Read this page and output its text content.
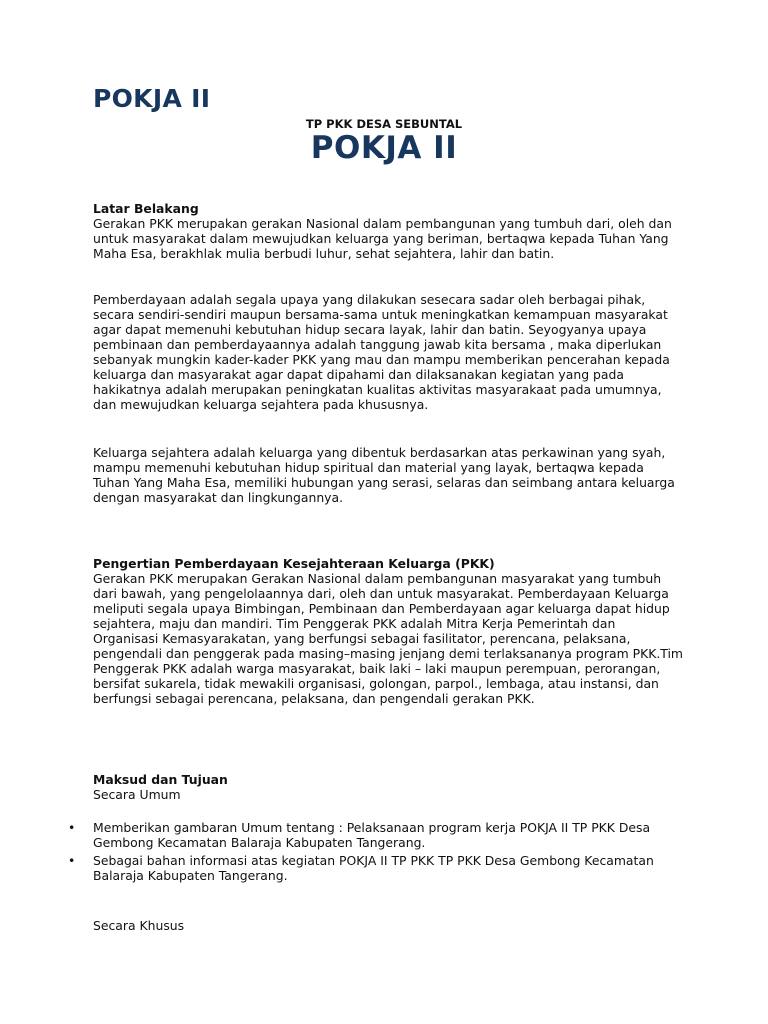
POKJA II
TP PKK DESA SEBUNTAL
POKJA II

Latar Belakang

Gerakan PKK merupakan gerakan Nasional dalam pembangunan yang tumbuh dari, oleh dan untuk masyarakat dalam mewujudkan keluarga yang beriman, bertaqwa kepada Tuhan Yang Maha Esa, berakhlak mulia berbudi luhur, sehat sejahtera, lahir dan batin.

Pemberdayaan adalah segala upaya yang dilakukan sesecara sadar oleh berbagai pihak, secara sendiri-sendiri maupun bersama-sama untuk meningkatkan kemampuan masyarakat agar dapat memenuhi kebutuhan hidup secara layak, lahir dan batin. Seyogyanya upaya pembinaan dan pemberdayaannya adalah tanggung jawab kita bersama , maka diperlukan sebanyak mungkin kader-kader PKK yang mau dan mampu memberikan pencerahan kepada keluarga dan masyarakat agar dapat dipahami dan dilaksanakan kegiatan yang pada hakikatnya adalah merupakan peningkatan kualitas aktivitas masyarakaat pada umumnya, dan mewujudkan keluarga sejahtera pada khususnya.

Keluarga sejahtera adalah keluarga yang dibentuk berdasarkan atas perkawinan yang syah, mampu memenuhi kebutuhan hidup spiritual dan material yang layak, bertaqwa kepada Tuhan Yang Maha Esa, memiliki hubungan yang serasi, selaras dan seimbang antara keluarga dengan masyarakat dan lingkungannya.

Pengertian Pemberdayaan Kesejahteraan Keluarga (PKK)

Gerakan PKK merupakan Gerakan Nasional dalam pembangunan masyarakat yang tumbuh dari bawah, yang pengelolaannya dari, oleh dan untuk masyarakat. Pemberdayaan Keluarga meliputi segala upaya Bimbingan, Pembinaan dan Pemberdayaan agar keluarga dapat hidup sejahtera, maju dan mandiri. Tim Penggerak PKK adalah Mitra Kerja Pemerintah dan Organisasi Kemasyarakatan, yang berfungsi sebagai fasilitator, perencana, pelaksana, pengendali dan penggerak pada masing–masing jenjang demi terlaksananya program PKK.Tim Penggerak PKK adalah warga masyarakat, baik laki – laki maupun perempuan, perorangan, bersifat sukarela, tidak mewakili organisasi, golongan, parpol., lembaga, atau instansi, dan berfungsi sebagai perencana, pelaksana, dan pengendali gerakan PKK.

Maksud dan Tujuan

Secara Umum

• Memberikan gambaran Umum tentang : Pelaksanaan program kerja POKJA II TP PKK Desa Gembong Kecamatan Balaraja Kabupaten Tangerang.
• Sebagai bahan informasi atas kegiatan POKJA II TP PKK TP PKK Desa Gembong Kecamatan Balaraja Kabupaten Tangerang.

Secara Khusus
